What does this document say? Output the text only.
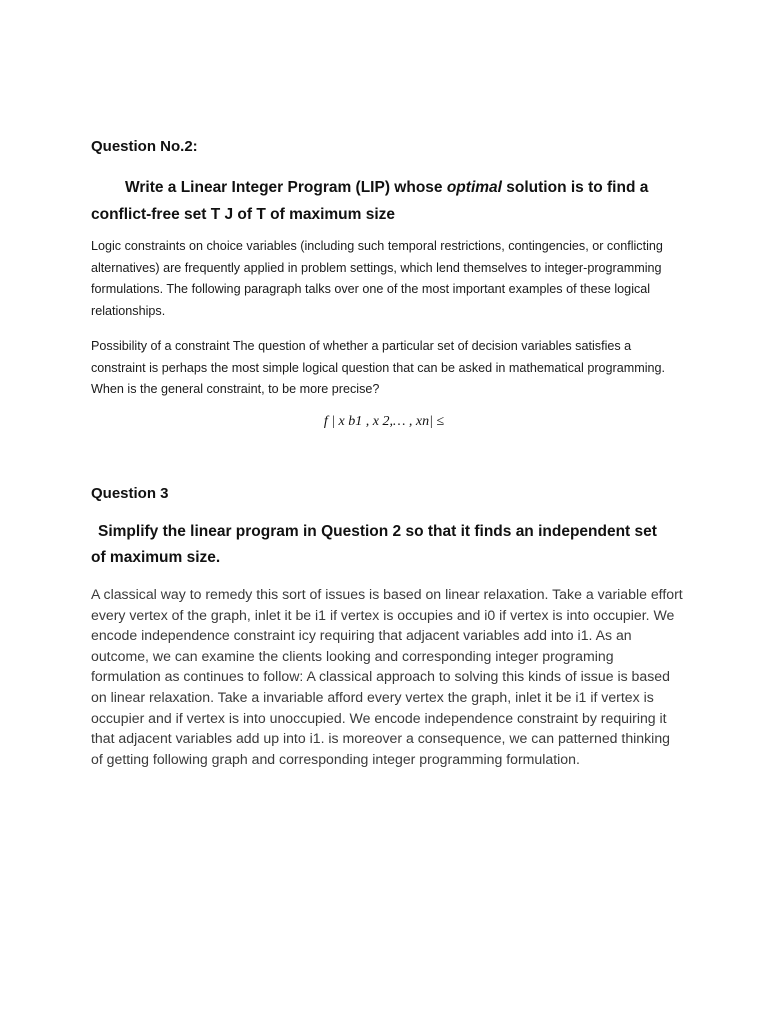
Question No.2:

Write a Linear Integer Program (LIP) whose optimal solution is to find a conflict-free set T J of T of maximum size

Logic constraints on choice variables (including such temporal restrictions, contingencies, or conflicting alternatives) are frequently applied in problem settings, which lend themselves to integer-programming formulations. The following paragraph talks over one of the most important examples of these logical relationships.

Possibility of a constraint The question of whether a particular set of decision variables satisfies a constraint is perhaps the most simple logical question that can be asked in mathematical programming. When is the general constraint, to be more precise?

f | x b1 , x 2,… , xn| ≤

Question 3

Simplify the linear program in Question 2 so that it finds an independent set of maximum size.

A classical way to remedy this sort of issues is based on linear relaxation. Take a variable effort every vertex of the graph, inlet it be i1 if vertex is occupies and i0 if vertex is into occupier. We encode independence constraint icy requiring that adjacent variables add into i1. As an outcome, we can examine the clients looking and corresponding integer programing formulation as continues to follow: A classical approach to solving this kinds of issue is based on linear relaxation. Take a invariable afford every vertex the graph, inlet it be i1 if vertex is occupier and if vertex is into unoccupied. We encode independence constraint by requiring it that adjacent variables add up into i1. is moreover a consequence, we can patterned thinking of getting following graph and corresponding integer programming formulation.
